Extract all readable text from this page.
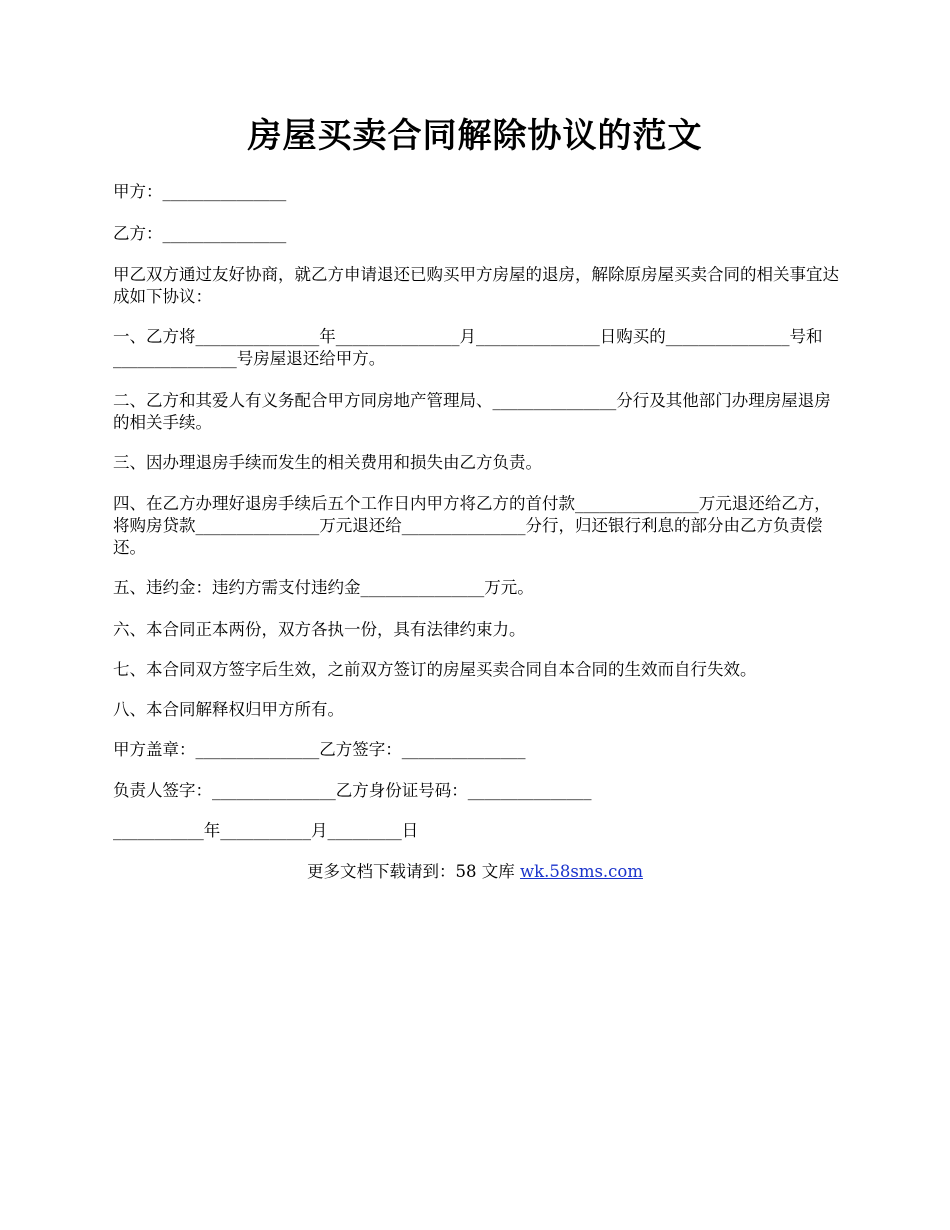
房屋买卖合同解除协议的范文
甲方：_______________
乙方：_______________
甲乙双方通过友好协商，就乙方申请退还已购买甲方房屋的退房，解除原房屋买卖合同的相关事宜达成如下协议：
一、乙方将_______________年_______________月_______________日购买的_______________号和_______________号房屋退还给甲方。
二、乙方和其爱人有义务配合甲方同房地产管理局、_______________分行及其他部门办理房屋退房的相关手续。
三、因办理退房手续而发生的相关费用和损失由乙方负责。
四、在乙方办理好退房手续后五个工作日内甲方将乙方的首付款_______________万元退还给乙方，将购房贷款_______________万元退还给_______________分行，归还银行利息的部分由乙方负责偿还。
五、违约金：违约方需支付违约金_______________万元。
六、本合同正本两份，双方各执一份，具有法律约束力。
七、本合同双方签字后生效，之前双方签订的房屋买卖合同自本合同的生效而自行失效。
八、本合同解释权归甲方所有。
甲方盖章：_______________乙方签字：_______________
负责人签字：_______________乙方身份证号码：_______________
___________年___________月_________日
更多文档下载请到：58 文库 wk.58sms.com
